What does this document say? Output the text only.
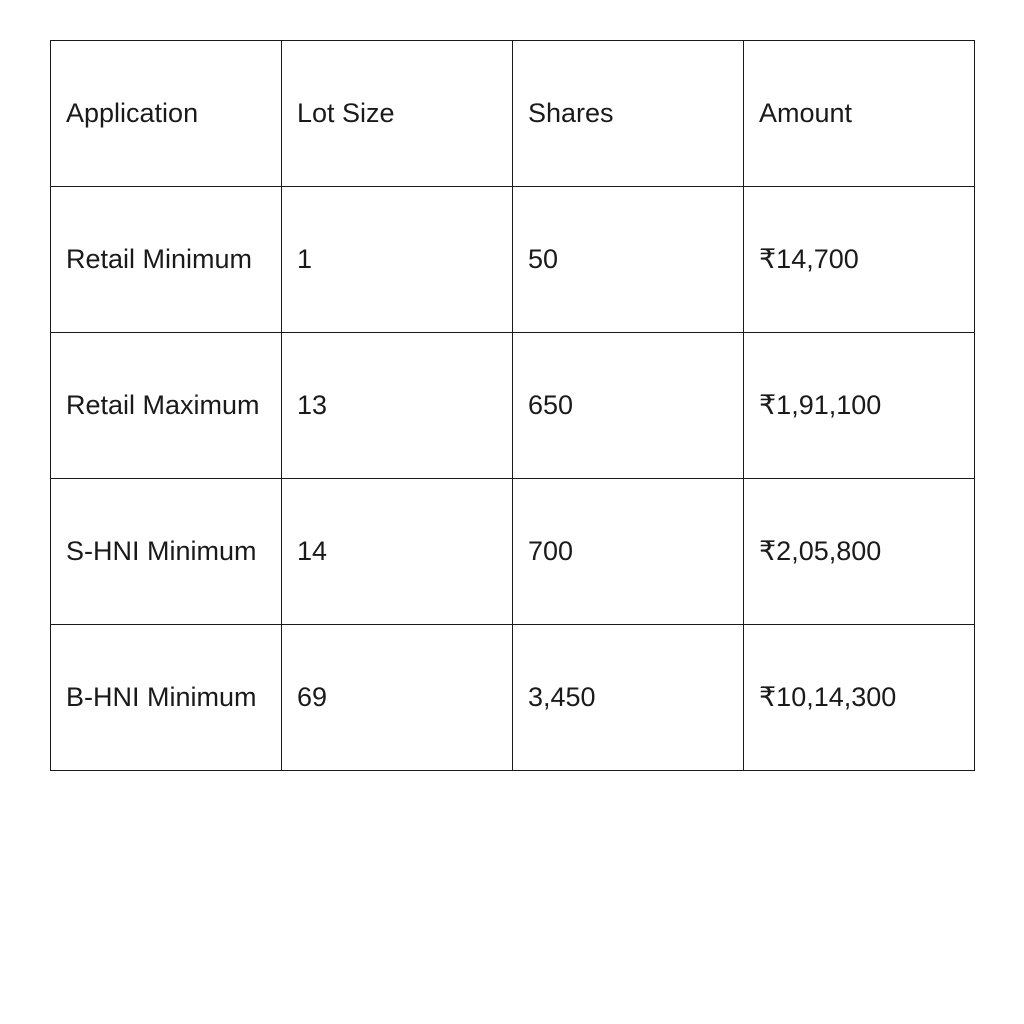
Application	Lot Size	Shares	Amount
Retail Minimum	1	50	₹14,700
Retail Maximum	13	650	₹1,91,100
S-HNI Minimum	14	700	₹2,05,800
B-HNI Minimum	69	3,450	₹10,14,300
